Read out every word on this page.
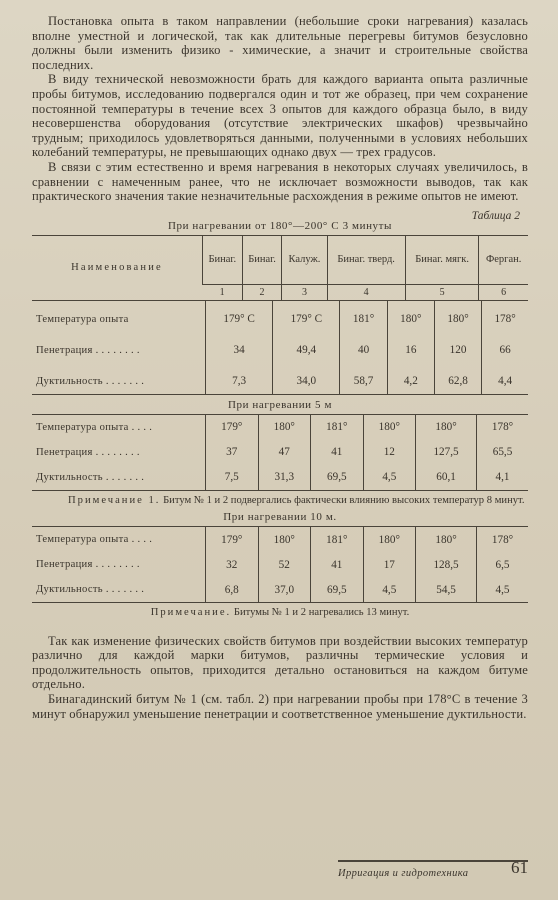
Постановка опыта в таком направлении (небольшие сроки нагревания) казалась вполне уместной и логической, так как длительные перегревы битумов безусловно должны были изменить физико - химические, а значит и строительные свойства последних.

В виду технической невозможности брать для каждого варианта опыта различные пробы битумов, исследованию подвергался один и тот же образец, при чем сохранение постоянной температуры в течение всех 3 опытов для каждого образца было, в виду несовершенства оборудования (отсутствие электрических шкафов) чрезвычайно трудным; приходилось удовлетворяться данными, полученными в условиях небольших колебаний температуры, не превышающих однако двух — трех градусов.

В связи с этим естественно и время нагревания в некоторых случаях увеличилось, в сравнении с намеченным ранее, что не исключает возможности выводов, так как практического значения такие незначительные расхождения в режиме опытов не имеют.

Таблица 2
При нагревании от 180°—200° С 3 минуты
Наименование	Бинаг.	Бинаг.	Калуж.	Бинаг. тверд.	Бинаг. мягк.	Ферган.
	1	2	3	4	5	6
Температура опыта	179° С	179° С	181°	180°	180°	178°
Пенетрация . . . . . . . .	34	49,4	40	16	120	66
Дуктильность . . . . . . .	7,3	34,0	58,7	4,2	62,8	4,4
При нагревании 5 м
Температура опыта . . . .	179°	180°	181°	180°	180°	178°
Пенетрация . . . . . . . .	37	47	41	12	127,5	65,5
Дуктильность . . . . . . .	7,5	31,3	69,5	4,5	60,1	4,1
Примечание 1. Битум № 1 и 2 подвергались фактически влиянию высоких температур 8 минут.
При нагревании 10 м.
Температура опыта . . . .	179°	180°	181°	180°	180°	178°
Пенетрация . . . . . . . .	32	52	41	17	128,5	6,5
Дуктильность . . . . . . .	6,8	37,0	69,5	4,5	54,5	4,5
Примечание. Битумы № 1 и 2 нагревались 13 минут.

Так как изменение физических свойств битумов при воздействии высоких температур различно для каждой марки битумов, различны термические условия и продолжительность опытов, приходится детально остановиться на каждом битуме отдельно.

Бинагадинский битум № 1 (см. табл. 2) при нагревании пробы при 178°С в течение 3 минут обнаружил уменьшение пенетрации и соответственное уменьшение дуктильности.

Ирригация и гидротехника	61
